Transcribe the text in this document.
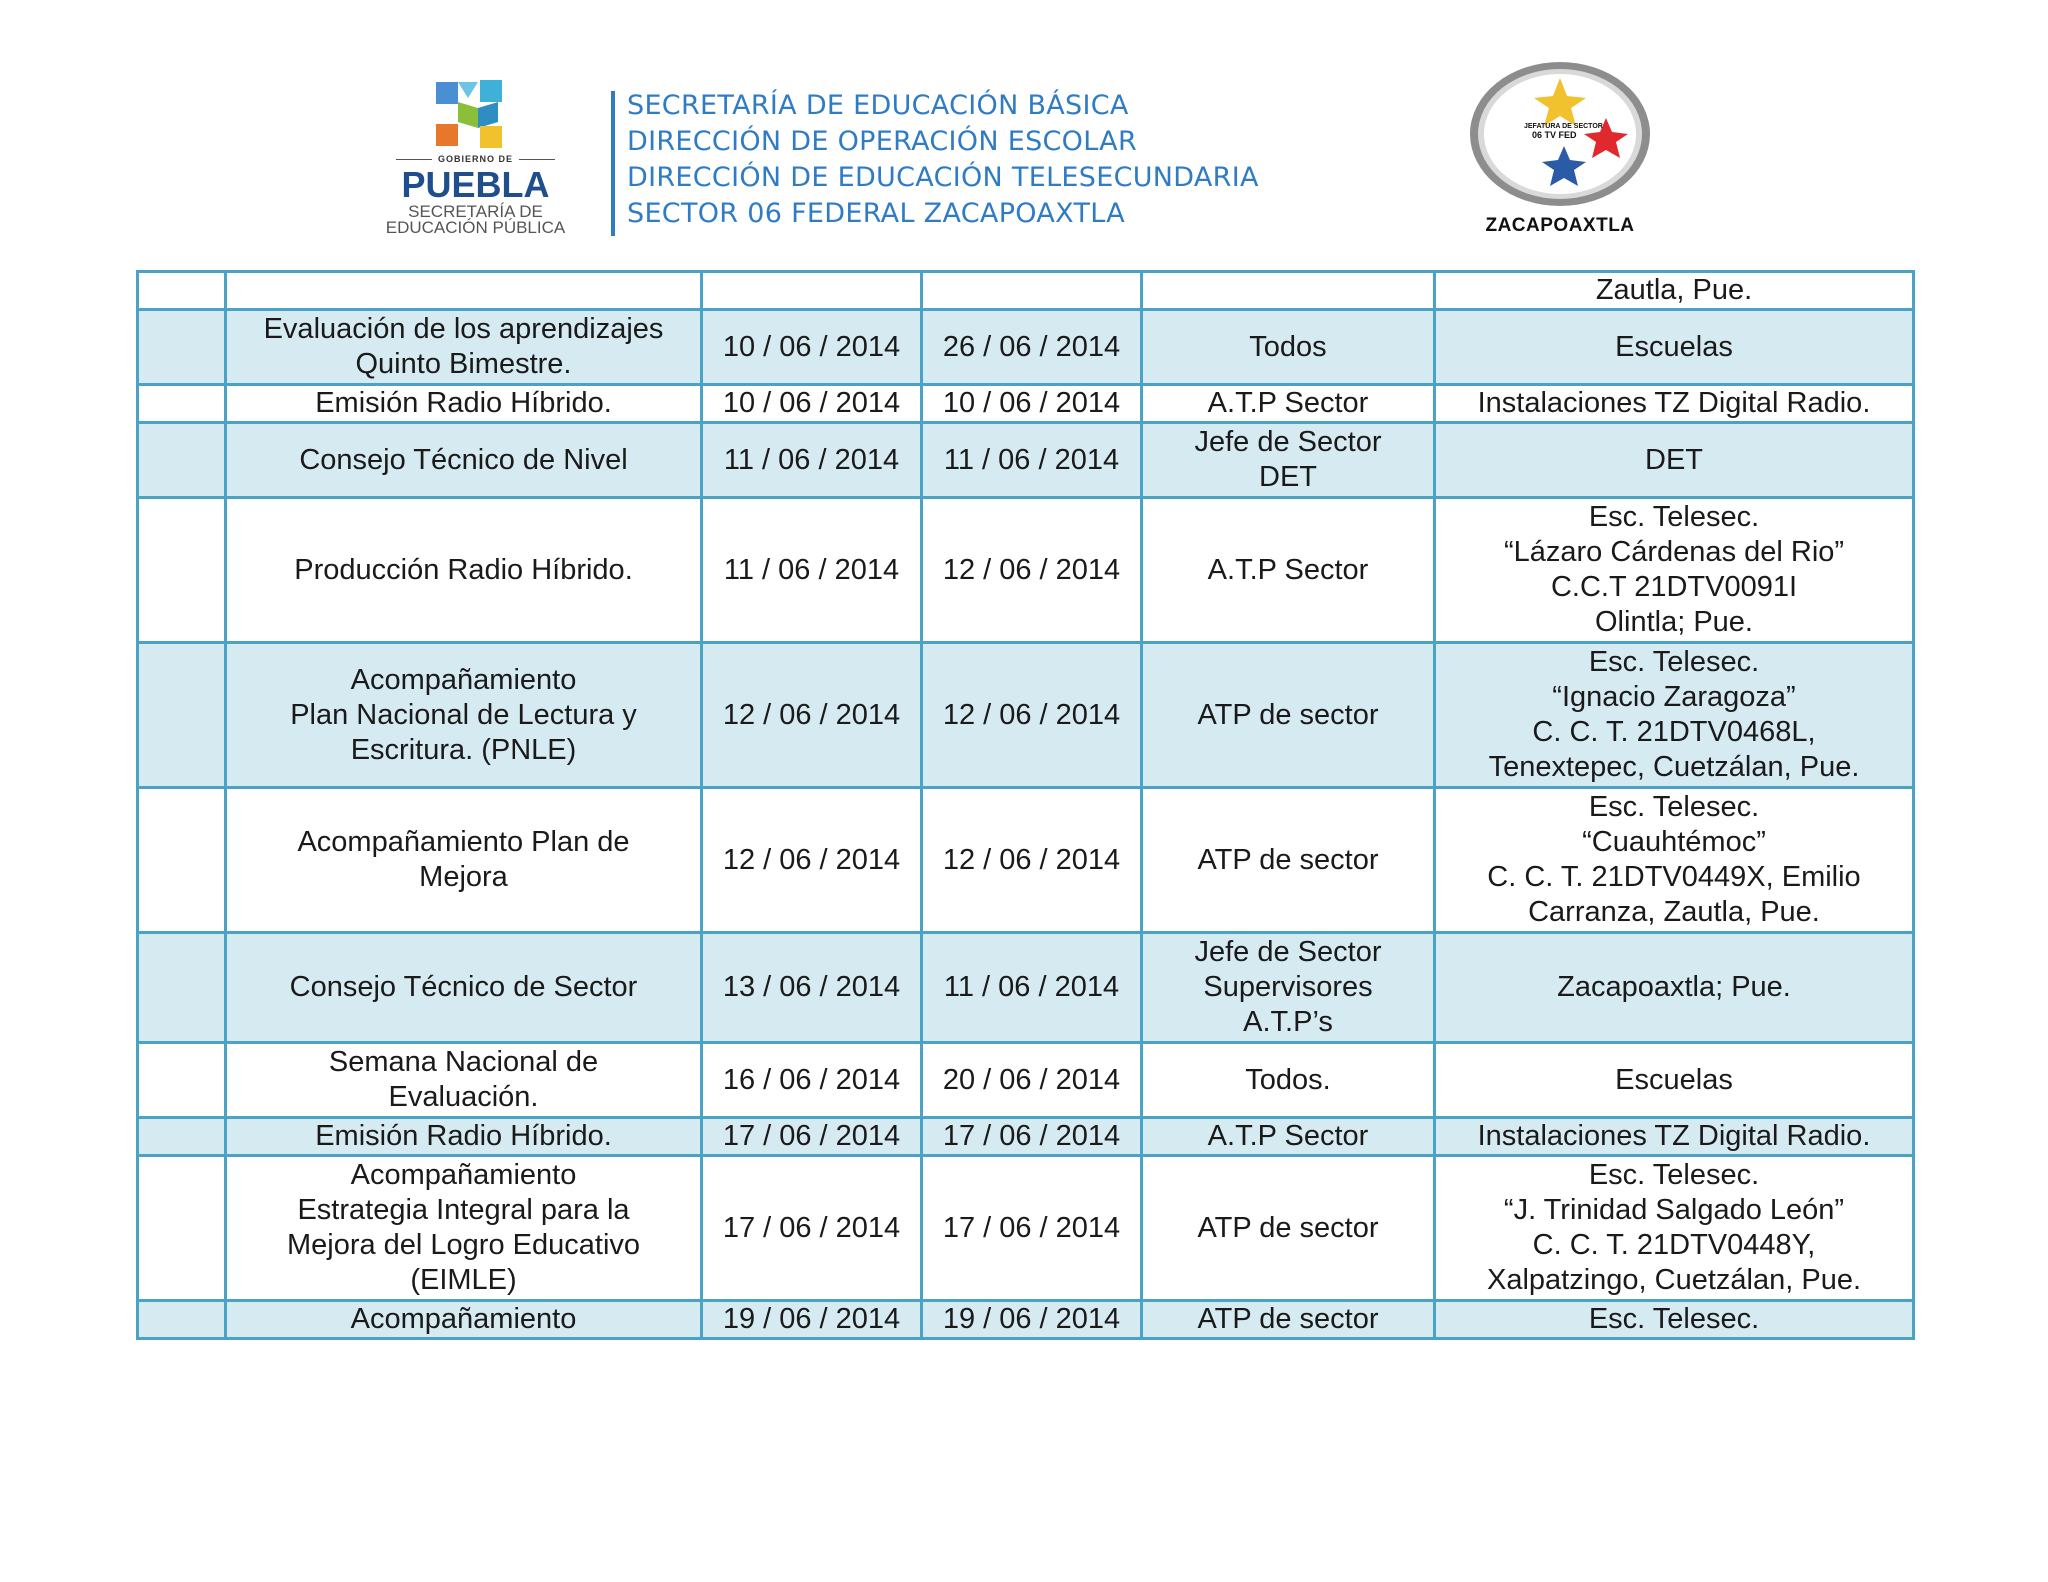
GOBIERNO DE
PUEBLA
SECRETARÍA DE
EDUCACIÓN PÚBLICA
SECRETARÍA DE EDUCACIÓN BÁSICA
DIRECCIÓN DE OPERACIÓN ESCOLAR
DIRECCIÓN DE EDUCACIÓN TELESECUNDARIA
SECTOR 06 FEDERAL ZACAPOAXTLA
JEFATURA DE SECTOR
06 TV FED
ZACAPOAXTLA
					Zautla, Pue.
	Evaluación de los aprendizajes
Quinto Bimestre.	10 / 06 / 2014	26 / 06 / 2014	Todos	Escuelas
	Emisión Radio Híbrido.	10 / 06 / 2014	10 / 06 / 2014	A.T.P Sector	Instalaciones TZ Digital Radio.
	Consejo Técnico de Nivel	11 / 06 / 2014	11 / 06 / 2014	Jefe de Sector
DET	DET
	Producción Radio Híbrido.	11 / 06 / 2014	12 / 06 / 2014	A.T.P Sector	Esc. Telesec.
“Lázaro Cárdenas del Rio”
C.C.T 21DTV0091I
Olintla; Pue.
	Acompañamiento
Plan Nacional de Lectura y
Escritura. (PNLE)	12 / 06 / 2014	12 / 06 / 2014	ATP de sector	Esc. Telesec.
“Ignacio Zaragoza”
C. C. T. 21DTV0468L,
Tenextepec, Cuetzálan, Pue.
	Acompañamiento Plan de
Mejora	12 / 06 / 2014	12 / 06 / 2014	ATP de sector	Esc. Telesec.
“Cuauhtémoc”
C. C. T. 21DTV0449X, Emilio
Carranza, Zautla, Pue.
	Consejo Técnico de Sector	13 / 06 / 2014	11 / 06 / 2014	Jefe de Sector
Supervisores
A.T.P’s	Zacapoaxtla; Pue.
	Semana Nacional de
Evaluación.	16 / 06 / 2014	20 / 06 / 2014	Todos.	Escuelas
	Emisión Radio Híbrido.	17 / 06 / 2014	17 / 06 / 2014	A.T.P Sector	Instalaciones TZ Digital Radio.
	Acompañamiento
Estrategia Integral para la
Mejora del Logro Educativo
(EIMLE)	17 / 06 / 2014	17 / 06 / 2014	ATP de sector	Esc. Telesec.
“J. Trinidad Salgado León”
C. C. T. 21DTV0448Y,
Xalpatzingo, Cuetzálan, Pue.
	Acompañamiento	19 / 06 / 2014	19 / 06 / 2014	ATP de sector	Esc. Telesec.
